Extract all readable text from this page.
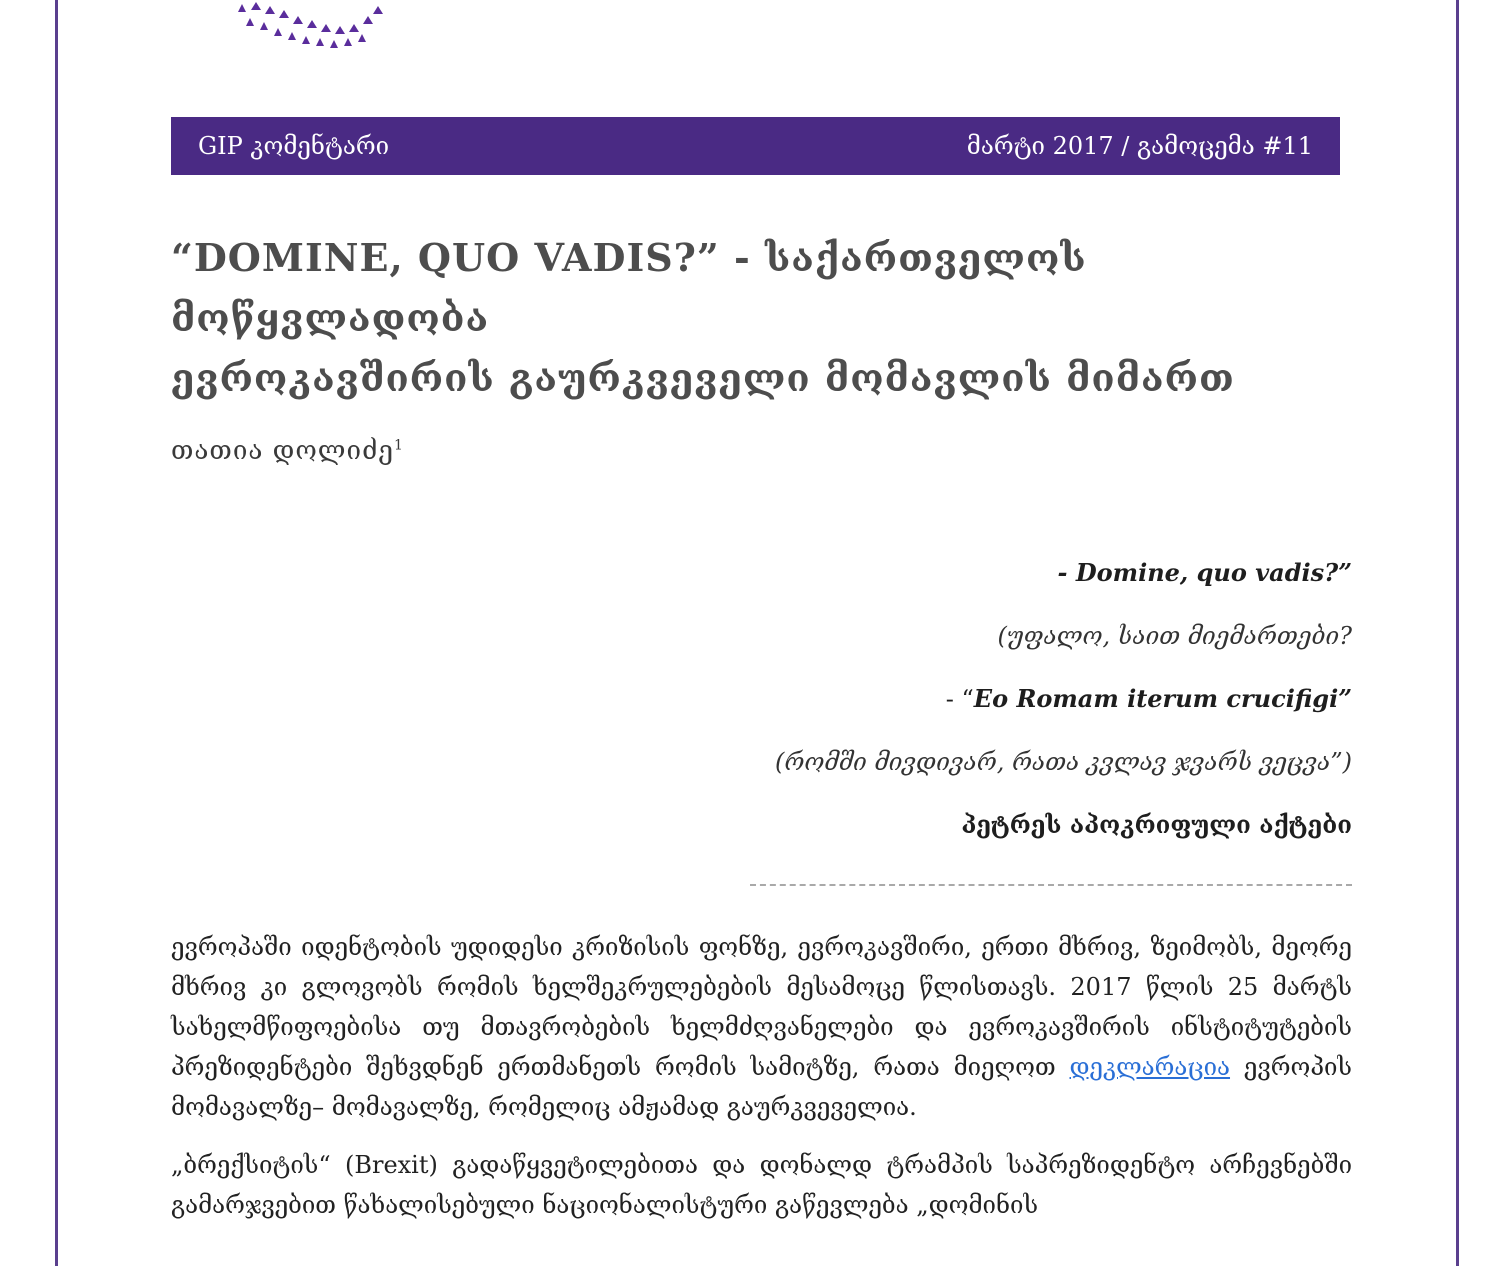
GIP კომენტარი	მარტი 2017 / გამოცემა #11
“DOMINE, QUO VADIS?” - საქართველოს მოწყვლადობა
ევროკავშირის გაურკვეველი მომავლის მიმართ
თათია დოლიძე$^1$

- Domine, quo vadis?”

(უფალო, საით მიემართები?

- “Eo Romam iterum crucifigi”

(რომში მივდივარ, რათა კვლავ ჯვარს ვეცვა”)

პეტრეს აპოკრიფული აქტები

ევროპაში იდენტობის უდიდესი კრიზისის ფონზე, ევროკავშირი, ერთი მხრივ, ზეიმობს, მეორე მხრივ კი გლოვობს რომის ხელშეკრულებების მესამოცე წლისთავს. 2017 წლის 25 მარტს სახელმწიფოებისა თუ მთავრობების ხელმძღვანელები და ევროკავშირის ინსტიტუტების პრეზიდენტები შეხვდნენ ერთმანეთს რომის სამიტზე, რათა მიეღოთ დეკლარაცია ევროპის მომავალზე– მომავალზე, რომელიც ამჟამად გაურკვეველია.

„ბრექსიტის“ (Brexit) გადაწყვეტილებითა და დონალდ ტრამპის საპრეზიდენტო არჩევნებში გამარჯვებით წახალისებული ნაციონალისტური გაწევლება „დომინის
